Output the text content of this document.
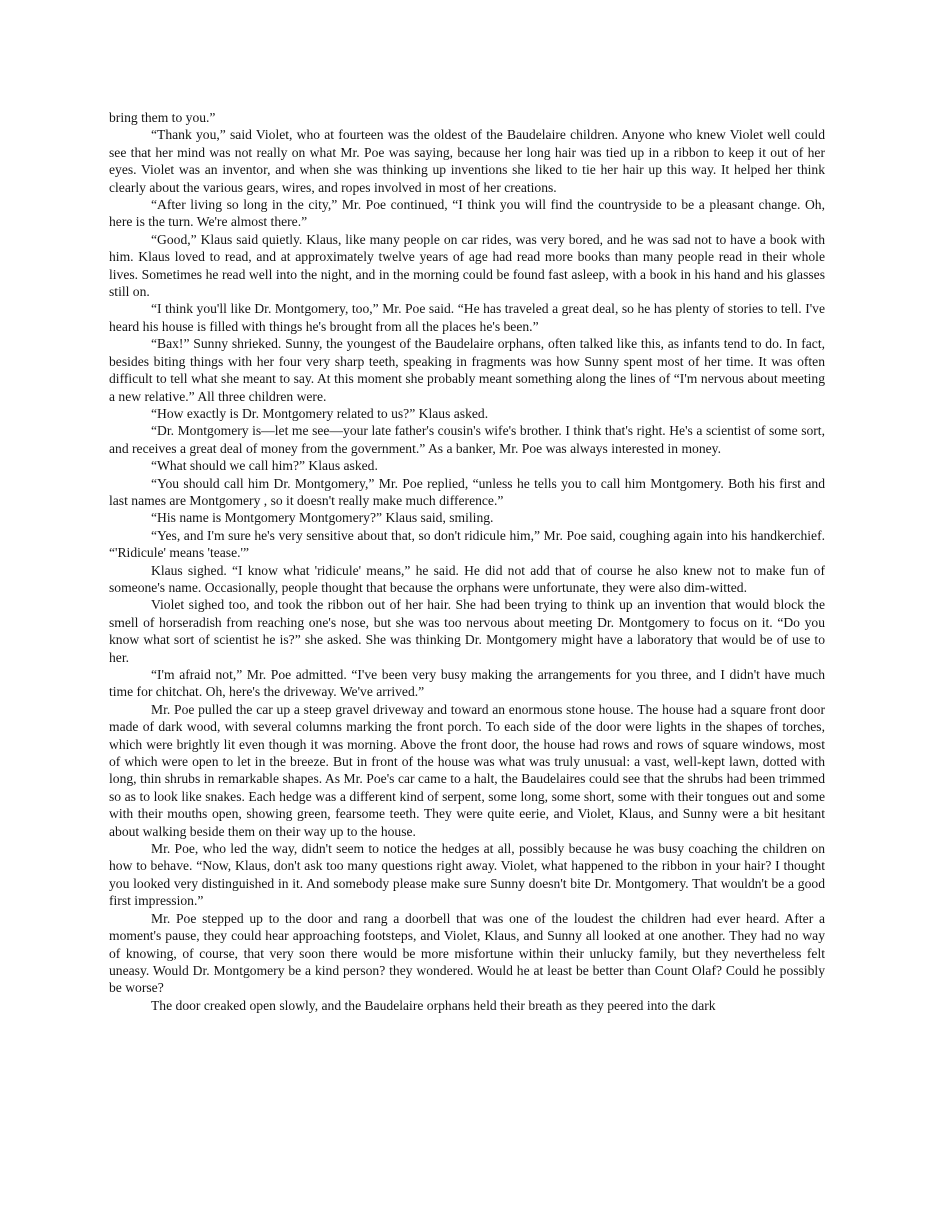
bring them to you.”

“Thank you,” said Violet, who at fourteen was the oldest of the Baudelaire children. Anyone who knew Violet well could see that her mind was not really on what Mr. Poe was saying, because her long hair was tied up in a ribbon to keep it out of her eyes. Violet was an inventor, and when she was thinking up inventions she liked to tie her hair up this way. It helped her think clearly about the various gears, wires, and ropes involved in most of her creations.

“After living so long in the city,” Mr. Poe continued, “I think you will find the countryside to be a pleasant change. Oh, here is the turn. We're almost there.”

“Good,” Klaus said quietly. Klaus, like many people on car rides, was very bored, and he was sad not to have a book with him. Klaus loved to read, and at approximately twelve years of age had read more books than many people read in their whole lives. Sometimes he read well into the night, and in the morning could be found fast asleep, with a book in his hand and his glasses still on.

“I think you'll like Dr. Montgomery, too,” Mr. Poe said. “He has traveled a great deal, so he has plenty of stories to tell. I've heard his house is filled with things he's brought from all the places he's been.”

“Bax!” Sunny shrieked. Sunny, the youngest of the Baudelaire orphans, often talked like this, as infants tend to do. In fact, besides biting things with her four very sharp teeth, speaking in fragments was how Sunny spent most of her time. It was often difficult to tell what she meant to say. At this moment she probably meant something along the lines of “I'm nervous about meeting a new relative.” All three children were.

“How exactly is Dr. Montgomery related to us?” Klaus asked.

“Dr. Montgomery is—let me see—your late father's cousin's wife's brother. I think that's right. He's a scientist of some sort, and receives a great deal of money from the government.” As a banker, Mr. Poe was always interested in money.

“What should we call him?” Klaus asked.

“You should call him Dr. Montgomery,” Mr. Poe replied, “unless he tells you to call him Montgomery. Both his first and last names are Montgomery , so it doesn't really make much difference.”

“His name is Montgomery Montgomery?” Klaus said, smiling.

“Yes, and I'm sure he's very sensitive about that, so don't ridicule him,” Mr. Poe said, coughing again into his handkerchief. “'Ridicule' means 'tease.'”

Klaus sighed. “I know what 'ridicule' means,” he said. He did not add that of course he also knew not to make fun of someone's name. Occasionally, people thought that because the orphans were unfortunate, they were also dim-witted.

Violet sighed too, and took the ribbon out of her hair. She had been trying to think up an invention that would block the smell of horseradish from reaching one's nose, but she was too nervous about meeting Dr. Montgomery to focus on it. “Do you know what sort of scientist he is?” she asked. She was thinking Dr. Montgomery might have a laboratory that would be of use to her.

“I'm afraid not,” Mr. Poe admitted. “I've been very busy making the arrangements for you three, and I didn't have much time for chitchat. Oh, here's the driveway. We've arrived.”

Mr. Poe pulled the car up a steep gravel driveway and toward an enormous stone house. The house had a square front door made of dark wood, with several columns marking the front porch. To each side of the door were lights in the shapes of torches, which were brightly lit even though it was morning. Above the front door, the house had rows and rows of square windows, most of which were open to let in the breeze. But in front of the house was what was truly unusual: a vast, well-kept lawn, dotted with long, thin shrubs in remarkable shapes. As Mr. Poe's car came to a halt, the Baudelaires could see that the shrubs had been trimmed so as to look like snakes. Each hedge was a different kind of serpent, some long, some short, some with their tongues out and some with their mouths open, showing green, fearsome teeth. They were quite eerie, and Violet, Klaus, and Sunny were a bit hesitant about walking beside them on their way up to the house.

Mr. Poe, who led the way, didn't seem to notice the hedges at all, possibly because he was busy coaching the children on how to behave. “Now, Klaus, don't ask too many questions right away. Violet, what happened to the ribbon in your hair? I thought you looked very distinguished in it. And somebody please make sure Sunny doesn't bite Dr. Montgomery. That wouldn't be a good first impression.”

Mr. Poe stepped up to the door and rang a doorbell that was one of the loudest the children had ever heard. After a moment's pause, they could hear approaching footsteps, and Violet, Klaus, and Sunny all looked at one another. They had no way of knowing, of course, that very soon there would be more misfortune within their unlucky family, but they nevertheless felt uneasy. Would Dr. Montgomery be a kind person? they wondered. Would he at least be better than Count Olaf? Could he possibly be worse?

The door creaked open slowly, and the Baudelaire orphans held their breath as they peered into the dark
